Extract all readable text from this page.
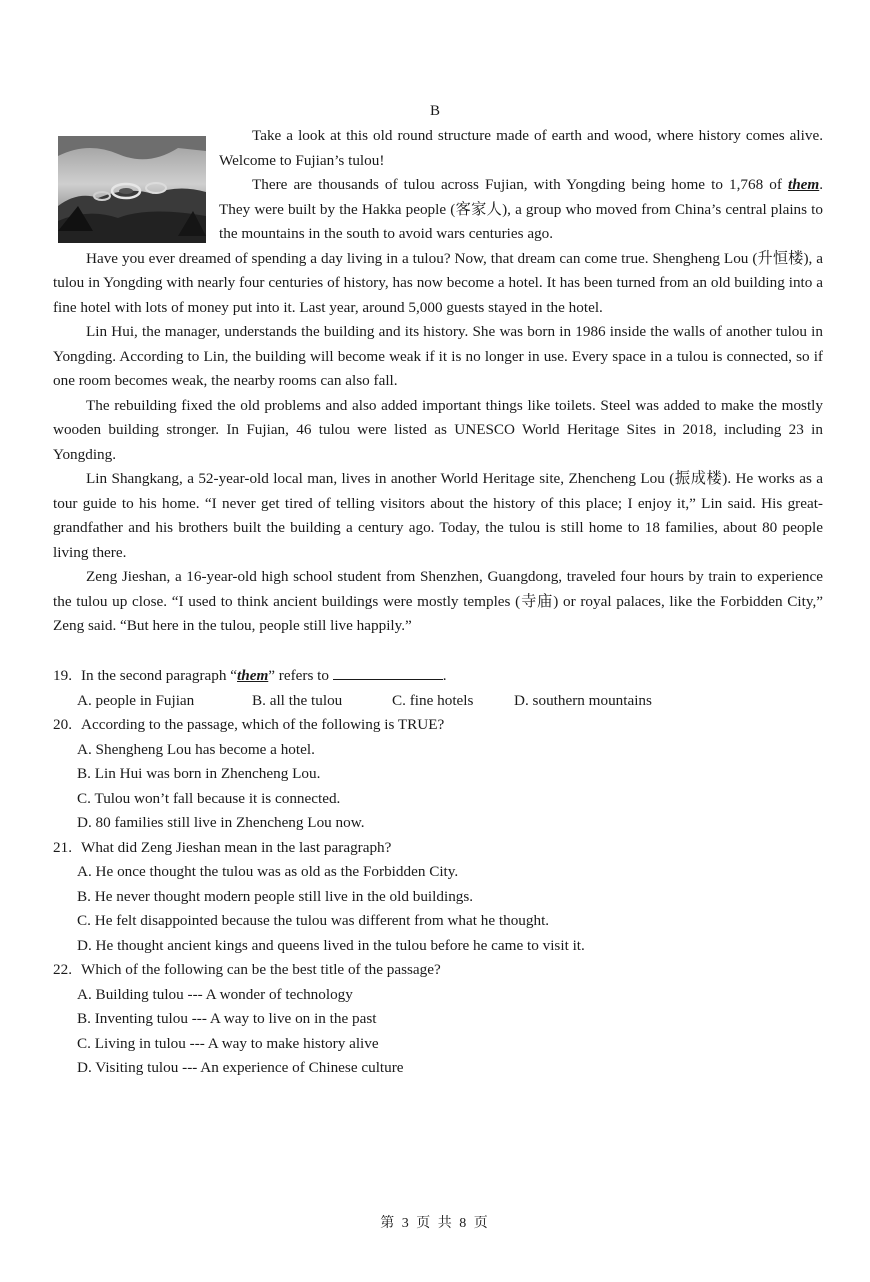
B

Take a look at this old round structure made of earth and wood, where history comes alive. Welcome to Fujian’s tulou!

There are thousands of tulou across Fujian, with Yongding being home to 1,768 of them. They were built by the Hakka people (客家人), a group who moved from China’s central plains to the mountains in the south to avoid wars centuries ago.

Have you ever dreamed of spending a day living in a tulou? Now, that dream can come true. Shengheng Lou (升恒楼), a tulou in Yongding with nearly four centuries of history, has now become a hotel. It has been turned from an old building into a fine hotel with lots of money put into it. Last year, around 5,000 guests stayed in the hotel.

Lin Hui, the manager, understands the building and its history. She was born in 1986 inside the walls of another tulou in Yongding. According to Lin, the building will become weak if it is no longer in use. Every space in a tulou is connected, so if one room becomes weak, the nearby rooms can also fall.

The rebuilding fixed the old problems and also added important things like toilets. Steel was added to make the mostly wooden building stronger. In Fujian, 46 tulou were listed as UNESCO World Heritage Sites in 2018, including 23 in Yongding.

Lin Shangkang, a 52-year-old local man, lives in another World Heritage site, Zhencheng Lou (振成楼). He works as a tour guide to his home. “I never get tired of telling visitors about the history of this place; I enjoy it,” Lin said. His great-grandfather and his brothers built the building a century ago. Today, the tulou is still home to 18 families, about 80 people living there.

Zeng Jieshan, a 16-year-old high school student from Shenzhen, Guangdong, traveled four hours by train to experience the tulou up close. “I used to think ancient buildings were mostly temples (寺庙) or royal palaces, like the Forbidden City,” Zeng said. “But here in the tulou, people still live happily.”

19. In the second paragraph “them” refers to	.

A. people in Fujian	B. all the tulou	C. fine hotels	D. southern mountains

20. According to the passage, which of the following is TRUE?

A. Shengheng Lou has become a hotel.

B. Lin Hui was born in Zhencheng Lou.

C. Tulou won’t fall because it is connected.

D. 80 families still live in Zhencheng Lou now.

21. What did Zeng Jieshan mean in the last paragraph?

A. He once thought the tulou was as old as the Forbidden City.

B. He never thought modern people still live in the old buildings.

C. He felt disappointed because the tulou was different from what he thought.

D. He thought ancient kings and queens lived in the tulou before he came to visit it.

22. Which of the following can be the best title of the passage?

A. Building tulou --- A wonder of technology

B. Inventing tulou --- A way to live on in the past

C. Living in tulou --- A way to make history alive

D. Visiting tulou --- An experience of Chinese culture

第 3 页 共 8 页
